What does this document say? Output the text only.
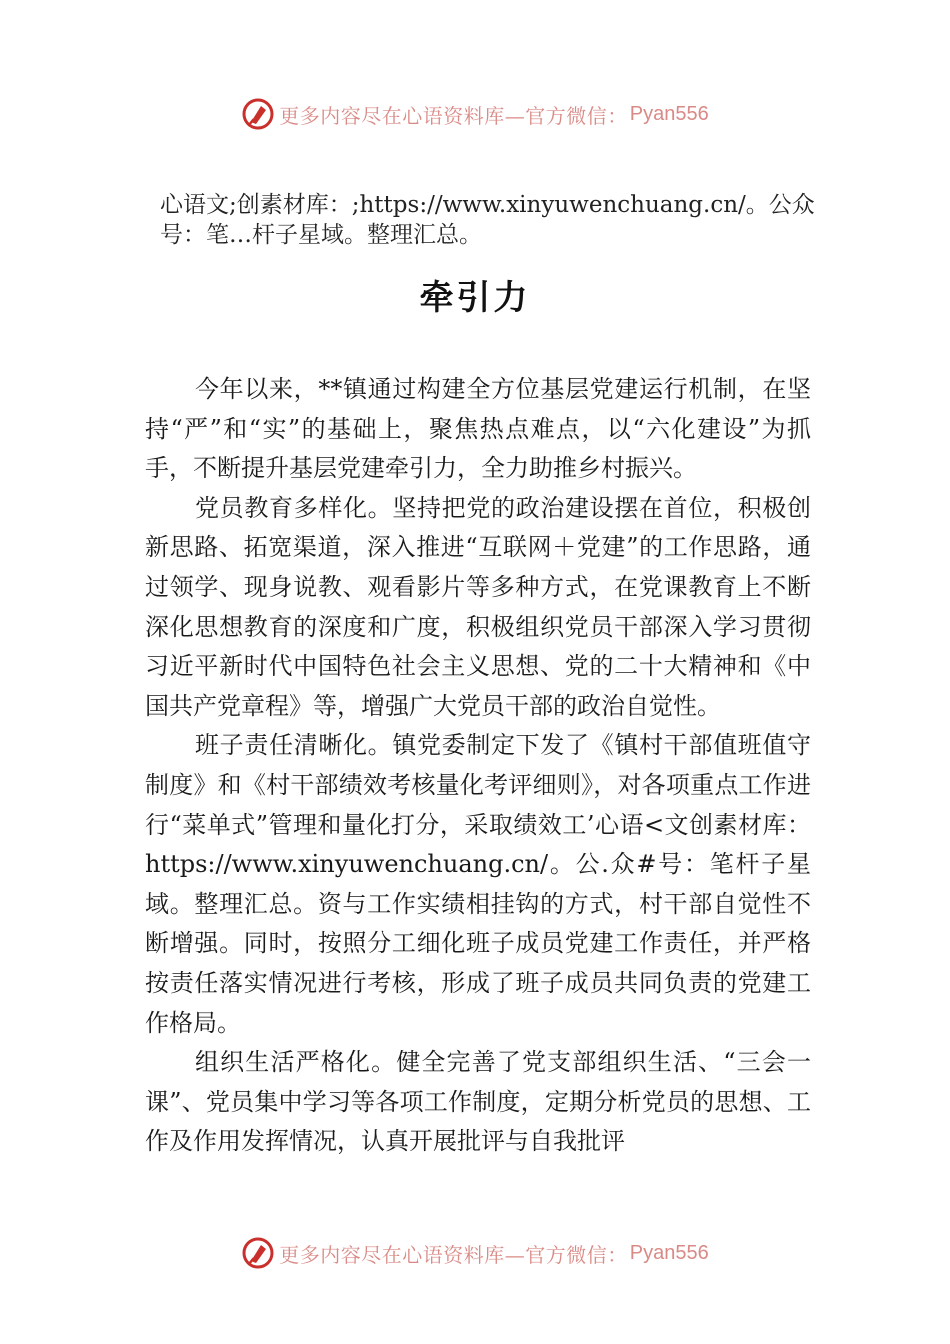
更多内容尽在心语资料库—官方微信： Pyan556
心语文;创素材库：;https://www.xinyuwenchuang.cn/。公众号：笔…杆子星域。整理汇总。
牵引力

今年以来，**镇通过构建全方位基层党建运行机制，在坚持“严”和“实”的基础上，聚焦热点难点，以“六化建设”为抓手，不断提升基层党建牵引力，全力助推乡村振兴。

党员教育多样化。坚持把党的政治建设摆在首位，积极创新思路、拓宽渠道，深入推进“互联网＋党建”的工作思路，通过领学、现身说教、观看影片等多种方式，在党课教育上不断深化思想教育的深度和广度，积极组织党员干部深入学习贯彻习近平新时代中国特色社会主义思想、党的二十大精神和《中国共产党章程》等，增强广大党员干部的政治自觉性。

班子责任清晰化。镇党委制定下发了《镇村干部值班值守制度》和《村干部绩效考核量化考评细则》，对各项重点工作进行“菜单式”管理和量化打分，采取绩效工’心语<文创素材库：https://www.xinyuwenchuang.cn/。公.众#号：笔杆子星域。整理汇总。资与工作实绩相挂钩的方式，村干部自觉性不断增强。同时，按照分工细化班子成员党建工作责任，并严格按责任落实情况进行考核，形成了班子成员共同负责的党建工作格局。

组织生活严格化。健全完善了党支部组织生活、“三会一课”、党员集中学习等各项工作制度，定期分析党员的思想、工作及作用发挥情况，认真开展批评与自我批评

更多内容尽在心语资料库—官方微信： Pyan556
